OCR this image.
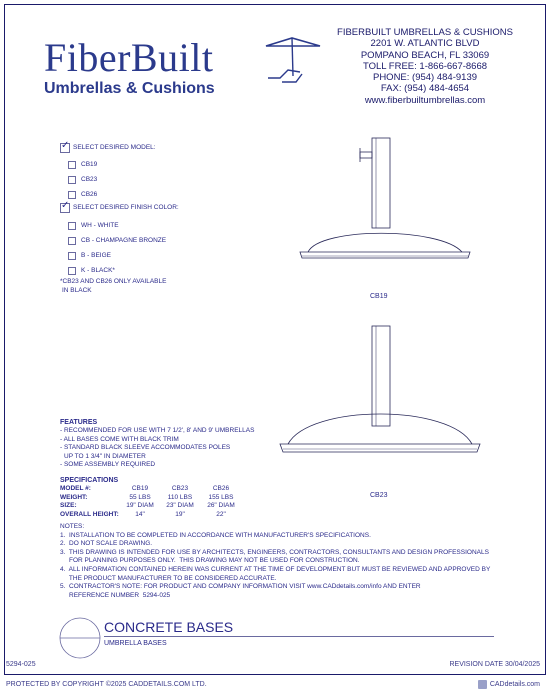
FiberBuilt
Umbrellas & Cushions
FIBERBUILT UMBRELLAS & CUSHIONS
2201 W. ATLANTIC BLVD
POMPANO BEACH, FL 33069
TOLL FREE: 1-866-667-8668
PHONE: (954) 484-9139
FAX: (954) 484-4654
www.fiberbuiltumbrellas.com
✓
SELECT DESIRED MODEL:
CB19
CB23
CB26
✓
SELECT DESIRED FINISH COLOR:
WH - WHITE
CB - CHAMPAGNE BRONZE
B - BEIGE
K - BLACK*
*CB23 AND CB26 ONLY AVAILABLE
IN BLACK
CB19
CB23
FEATURES
- RECOMMENDED FOR USE WITH 7 1/2', 8' AND 9' UMBRELLAS
- ALL BASES COME WITH BLACK TRIM
- STANDARD BLACK SLEEVE ACCOMMODATES POLES
UP TO 1 3/4" IN DIAMETER
- SOME ASSEMBLY REQUIRED
SPECIFICATIONS
MODEL #:	CB19	CB23	CB26
WEIGHT:	55 LBS	110 LBS	155 LBS
SIZE:	19" DIAM	23" DIAM	26" DIAM
OVERALL HEIGHT:	14"	19"	22"
NOTES:
1.  INSTALLATION TO BE COMPLETED IN ACCORDANCE WITH MANUFACTURER'S SPECIFICATIONS.
2.  DO NOT SCALE DRAWING.
3.  THIS DRAWING IS INTENDED FOR USE BY ARCHITECTS, ENGINEERS, CONTRACTORS, CONSULTANTS AND DESIGN PROFESSIONALS
FOR PLANNING PURPOSES ONLY.  THIS DRAWING MAY NOT BE USED FOR CONSTRUCTION.
4.  ALL INFORMATION CONTAINED HEREIN WAS CURRENT AT THE TIME OF DEVELOPMENT BUT MUST BE REVIEWED AND APPROVED BY
THE PRODUCT MANUFACTURER TO BE CONSIDERED ACCURATE.
5.  CONTRACTOR'S NOTE: FOR PRODUCT AND COMPANY INFORMATION VISIT www.CADdetails.com/info AND ENTER
REFERENCE NUMBER  5294-025
CONCRETE BASES
UMBRELLA BASES
5294-025	REVISION DATE 30/04/2025
PROTECTED BY COPYRIGHT ©2025 CADDETAILS.COM LTD.	CADdetails.com
